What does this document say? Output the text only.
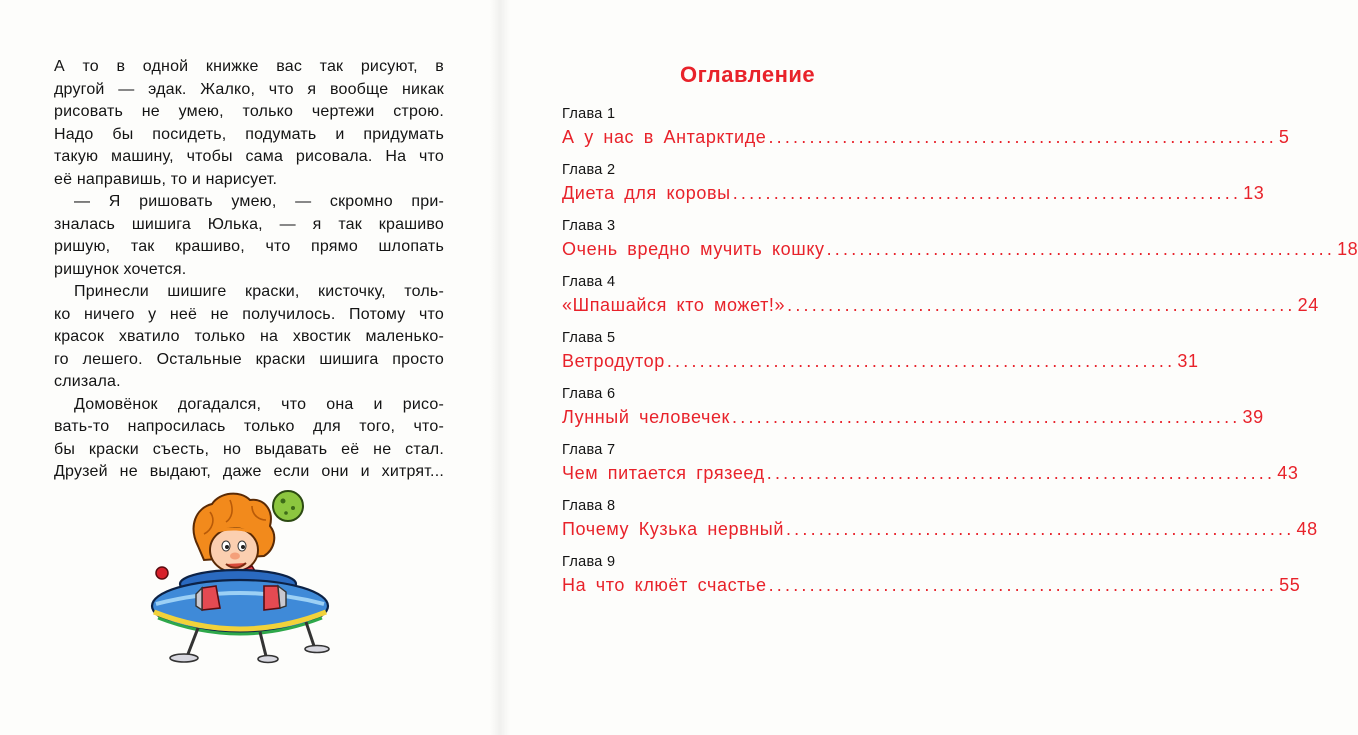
А то в одной книжке вас так рисуют, в
другой — эдак. Жалко, что я вообще никак
рисовать не умею, только чертежи строю.
Надо бы посидеть, подумать и придумать
такую машину, чтобы сама рисовала. На что
её направишь, то и нарисует.

— Я ришовать умею, — скромно при-
зналась шишига Юлька, — я так крашиво
ришую, так крашиво, что прямо шлопать
ришунок хочется.

Принесли шишиге краски, кисточку, толь-
ко ничего у неё не получилось. Потому что
красок хватило только на хвостик маленько-
го лешего. Остальные краски шишига просто
слизала.

Домовёнок догадался, что она и рисо-
вать-то напросилась только для того, что-
бы краски съесть, но выдавать её не стал.
Друзей не выдают, даже если они и хитрят...

Оглавление
Глава 1
А у нас в Антарктиде .............................................................. 5
Глава 2
Диета для коровы .............................................................. 13
Глава 3
Очень вредно мучить кошку .............................................................. 18
Глава 4
«Шпашайся кто может!» .............................................................. 24
Глава 5
Ветродутор .............................................................. 31
Глава 6
Лунный человечек .............................................................. 39
Глава 7
Чем питается грязеед .............................................................. 43
Глава 8
Почему Кузька нервный .............................................................. 48
Глава 9
На что клюёт счастье .............................................................. 55
